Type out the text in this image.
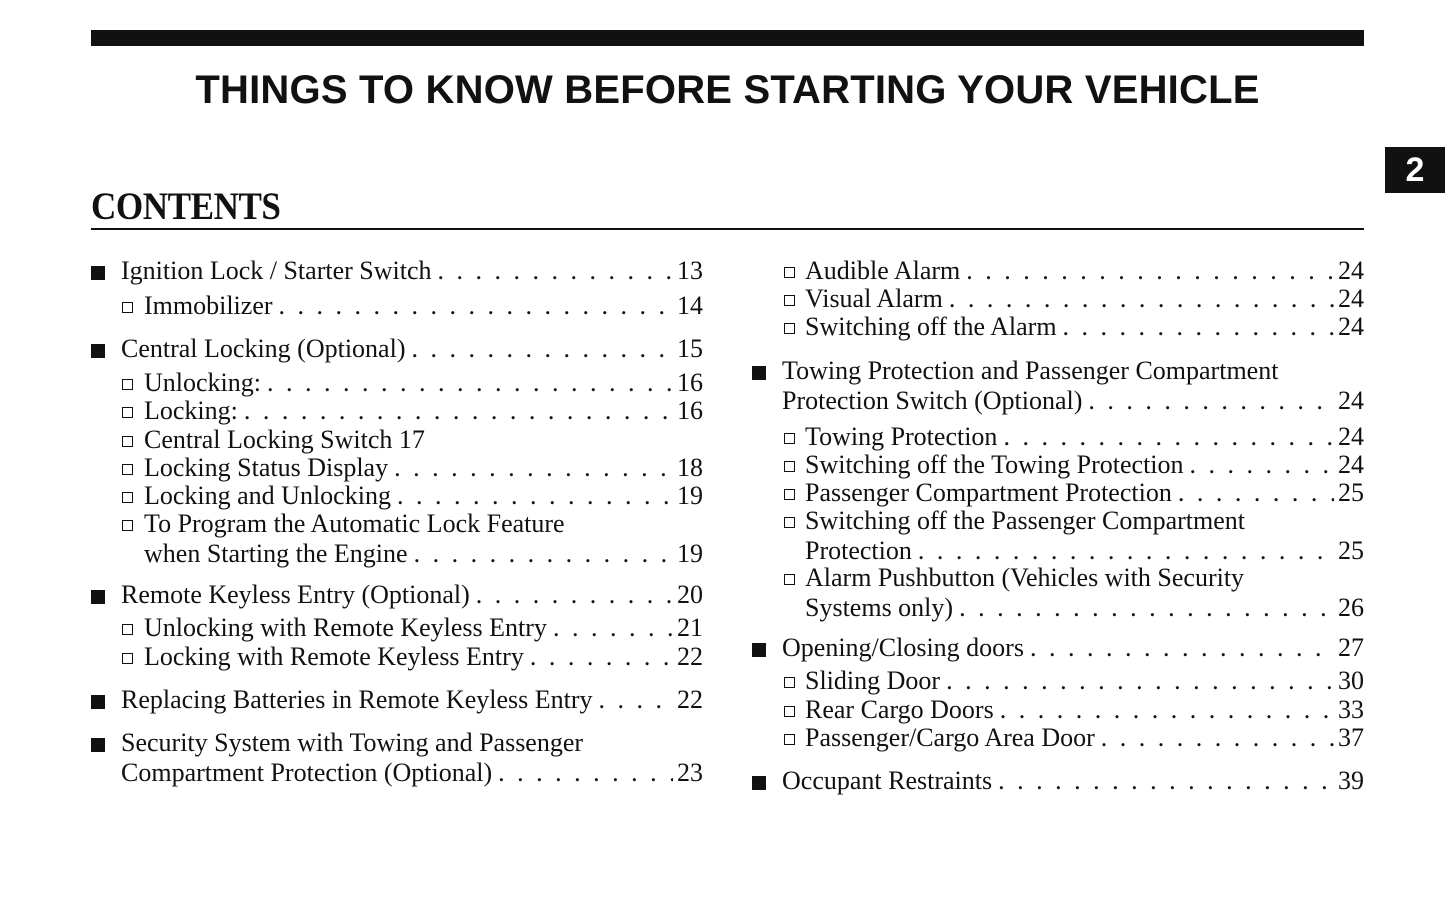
THINGS TO KNOW BEFORE STARTING YOUR VEHICLE
2
CONTENTS
Ignition Lock / Starter Switch . . .	13
Immobilizer . . .	14
Central Locking (Optional) . . .	15
Unlocking: . . .	16
Locking: . . .	16
Central Locking Switch 17
Locking Status Display . . .	18
Locking and Unlocking . . .	19
To Program the Automatic Lock Feature
when Starting the Engine . . .	19
Remote Keyless Entry (Optional) . . .	20
Unlocking with Remote Keyless Entry . . .	21
Locking with Remote Keyless Entry . . .	22
Replacing Batteries in Remote Keyless Entry . . .	22
Security System with Towing and Passenger
Compartment Protection (Optional) . . .	23
Audible Alarm . . .	24
Visual Alarm . . .	24
Switching off the Alarm . . .	24
Towing Protection and Passenger Compartment
Protection Switch (Optional) . . .	24
Towing Protection . . .	24
Switching off the Towing Protection . . .	24
Passenger Compartment Protection . . .	25
Switching off the Passenger Compartment
Protection . . .	25
Alarm Pushbutton (Vehicles with Security
Systems only) . . .	26
Opening/Closing doors . . .	27
Sliding Door . . .	30
Rear Cargo Doors . . .	33
Passenger/Cargo Area Door . . .	37
Occupant Restraints . . .	39
